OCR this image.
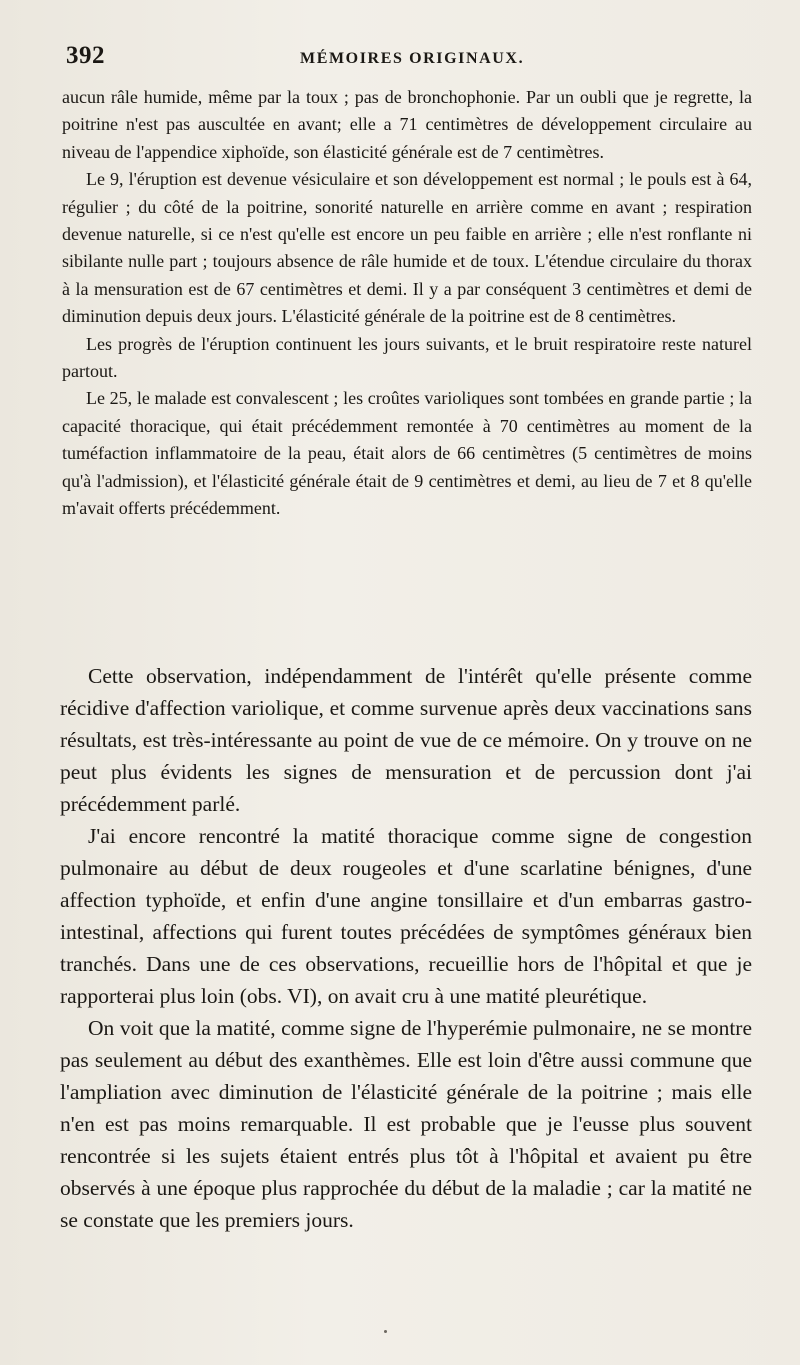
392	MÉMOIRES ORIGINAUX.

aucun râle humide, même par la toux ; pas de bronchophonie. Par un oubli que je regrette, la poitrine n'est pas auscultée en avant; elle a 71 centimètres de développement circulaire au niveau de l'appendice xiphoïde, son élasticité générale est de 7 centimètres.

Le 9, l'éruption est devenue vésiculaire et son développement est normal ; le pouls est à 64, régulier ; du côté de la poitrine, sonorité naturelle en arrière comme en avant ; respiration devenue naturelle, si ce n'est qu'elle est encore un peu faible en arrière ; elle n'est ronflante ni sibilante nulle part ; toujours absence de râle humide et de toux. L'étendue circulaire du thorax à la mensuration est de 67 centimètres et demi. Il y a par conséquent 3 centimètres et demi de diminution depuis deux jours. L'élasticité générale de la poitrine est de 8 centimètres.

Les progrès de l'éruption continuent les jours suivants, et le bruit respiratoire reste naturel partout.

Le 25, le malade est convalescent ; les croûtes varioliques sont tombées en grande partie ; la capacité thoracique, qui était précédemment remontée à 70 centimètres au moment de la tuméfaction inflammatoire de la peau, était alors de 66 centimètres (5 centimètres de moins qu'à l'admission), et l'élasticité générale était de 9 centimètres et demi, au lieu de 7 et 8 qu'elle m'avait offerts précédemment.

Cette observation, indépendamment de l'intérêt qu'elle présente comme récidive d'affection variolique, et comme survenue après deux vaccinations sans résultats, est très-intéressante au point de vue de ce mémoire. On y trouve on ne peut plus évidents les signes de mensuration et de percussion dont j'ai précédemment parlé.

J'ai encore rencontré la matité thoracique comme signe de congestion pulmonaire au début de deux rougeoles et d'une scarlatine bénignes, d'une affection typhoïde, et enfin d'une angine tonsillaire et d'un embarras gastro-intestinal, affections qui furent toutes précédées de symptômes généraux bien tranchés. Dans une de ces observations, recueillie hors de l'hôpital et que je rapporterai plus loin (obs. VI), on avait cru à une matité pleurétique.

On voit que la matité, comme signe de l'hyperémie pulmonaire, ne se montre pas seulement au début des exanthèmes. Elle est loin d'être aussi commune que l'ampliation avec diminution de l'élasticité générale de la poitrine ; mais elle n'en est pas moins remarquable. Il est probable que je l'eusse plus souvent rencontrée si les sujets étaient entrés plus tôt à l'hôpital et avaient pu être observés à une époque plus rapprochée du début de la maladie ; car la matité ne se constate que les premiers jours.
